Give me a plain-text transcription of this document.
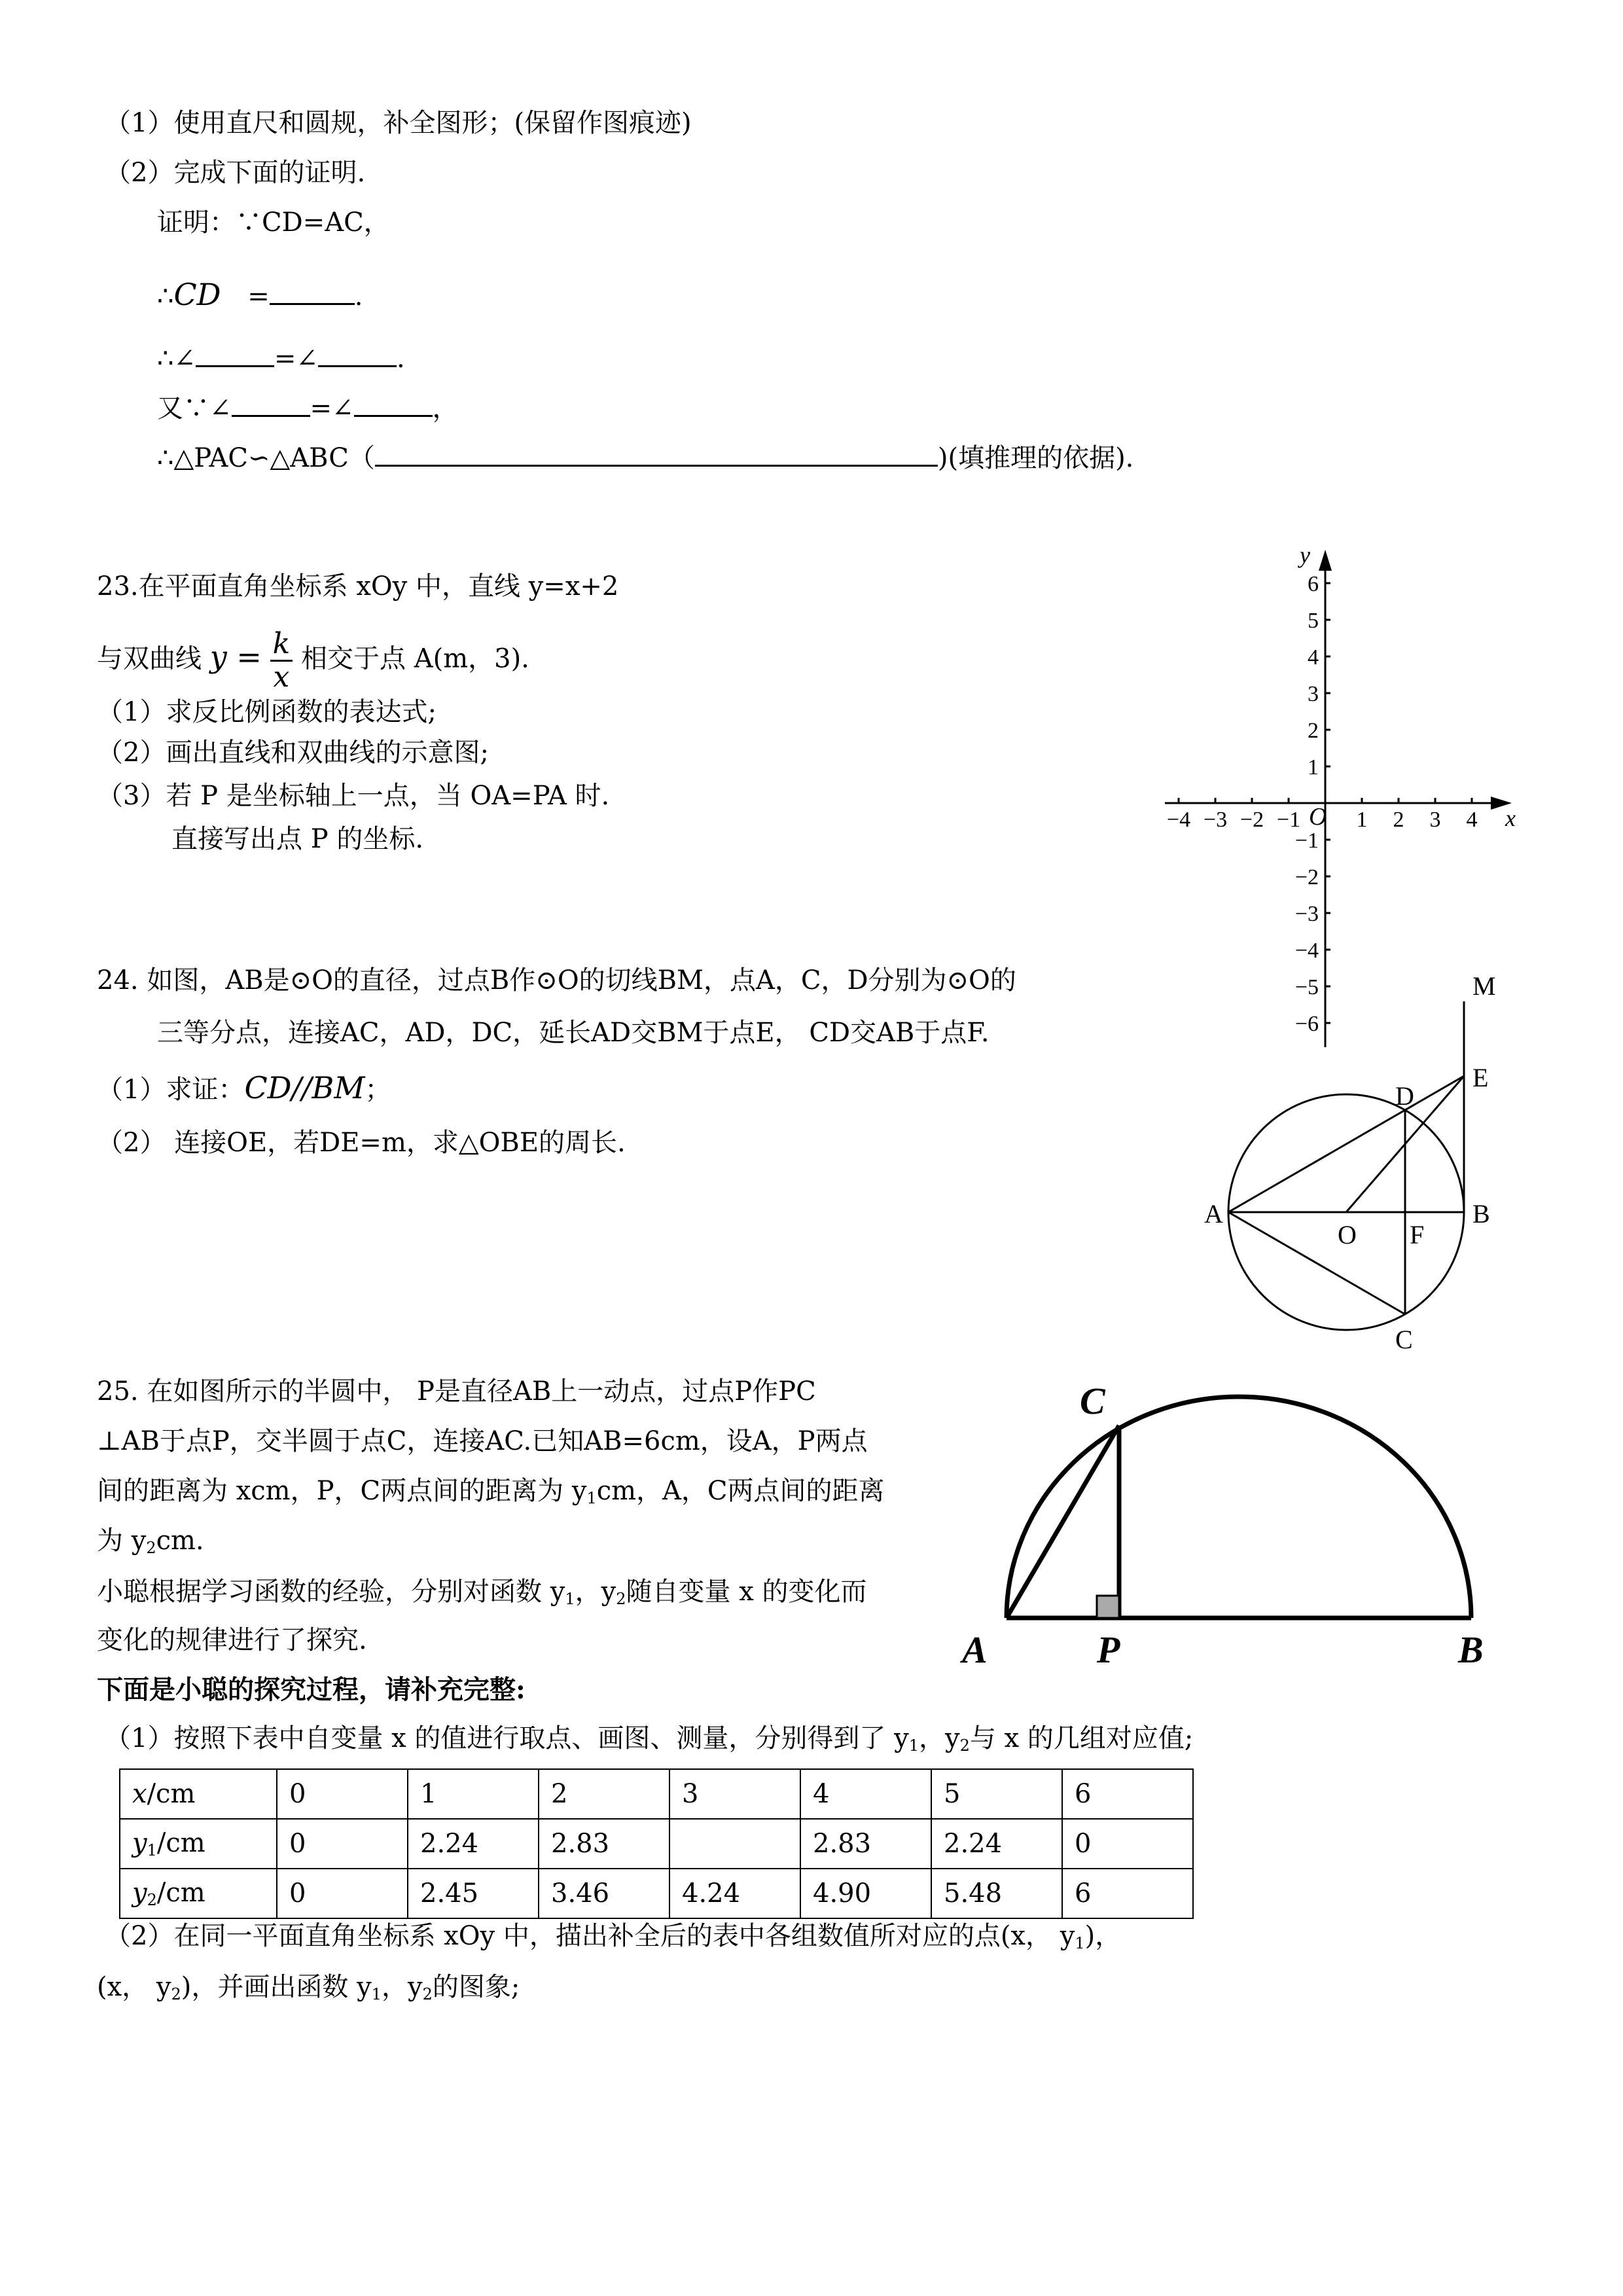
（1）使用直尺和圆规，补全图形；(保留作图痕迹)
（2）完成下面的证明.
证明：∵CD=AC，
∴CD =	.
∴∠	=∠	.
又∵∠	=∠	，
∴△PAC∽△ABC（	)(填推理的依据).
23.在平面直角坐标系 xOy 中，直线 y=x+2
与双曲线 $y = \frac{k}{x}$ 相交于点 A(m，3).
（1）求反比例函数的表达式;
（2）画出直线和双曲线的示意图;
（3）若 P 是坐标轴上一点，当 OA=PA 时.
直接写出点 P 的坐标.
x
y
O
−4 −3 −2 −1	1 2 3 4
6
5
4
3
2
1
−1
−2
−3
−4
−5
−6
24. 如图，AB是⊙O的直径，过点B作⊙O的切线BM，点A，C，D分别为⊙O的
三等分点，连接AC，AD，DC，延长AD交BM于点E， CD交AB于点F.
（1）求证：CD//BM；
（2） 连接OE，若DE=m，求△OBE的周长.
M
E
D
A
O F
B
C
25. 在如图所示的半圆中， P是直径AB上一动点，过点P作PC
⊥AB于点P，交半圆于点C，连接AC.已知AB=6cm，设A，P两点
间的距离为 xcm，P，C两点间的距离为 $y_1cm$，A，C两点间的距离
为 $y_2cm$.
小聪根据学习函数的经验，分别对函数 $y_1$，$y_2$随自变量 x 的变化而
变化的规律进行了探究.
下面是小聪的探究过程，请补充完整:
（1）按照下表中自变量 x 的值进行取点、画图、测量，分别得到了 $y_1$，$y_2$与 x 的几组对应值;
C
A	P	B
x/cm	0	1	2	3	4	5	6
$y_1/cm$	0	2.24	2.83		2.83	2.24	0
$y_2/cm$	0	2.45	3.46	4.24	4.90	5.48	6
（2）在同一平面直角坐标系 xOy 中，描出补全后的表中各组数值所对应的点(x， $y_1$)，
(x， $y_2$)，并画出函数 $y_1$，$y_2$的图象;
